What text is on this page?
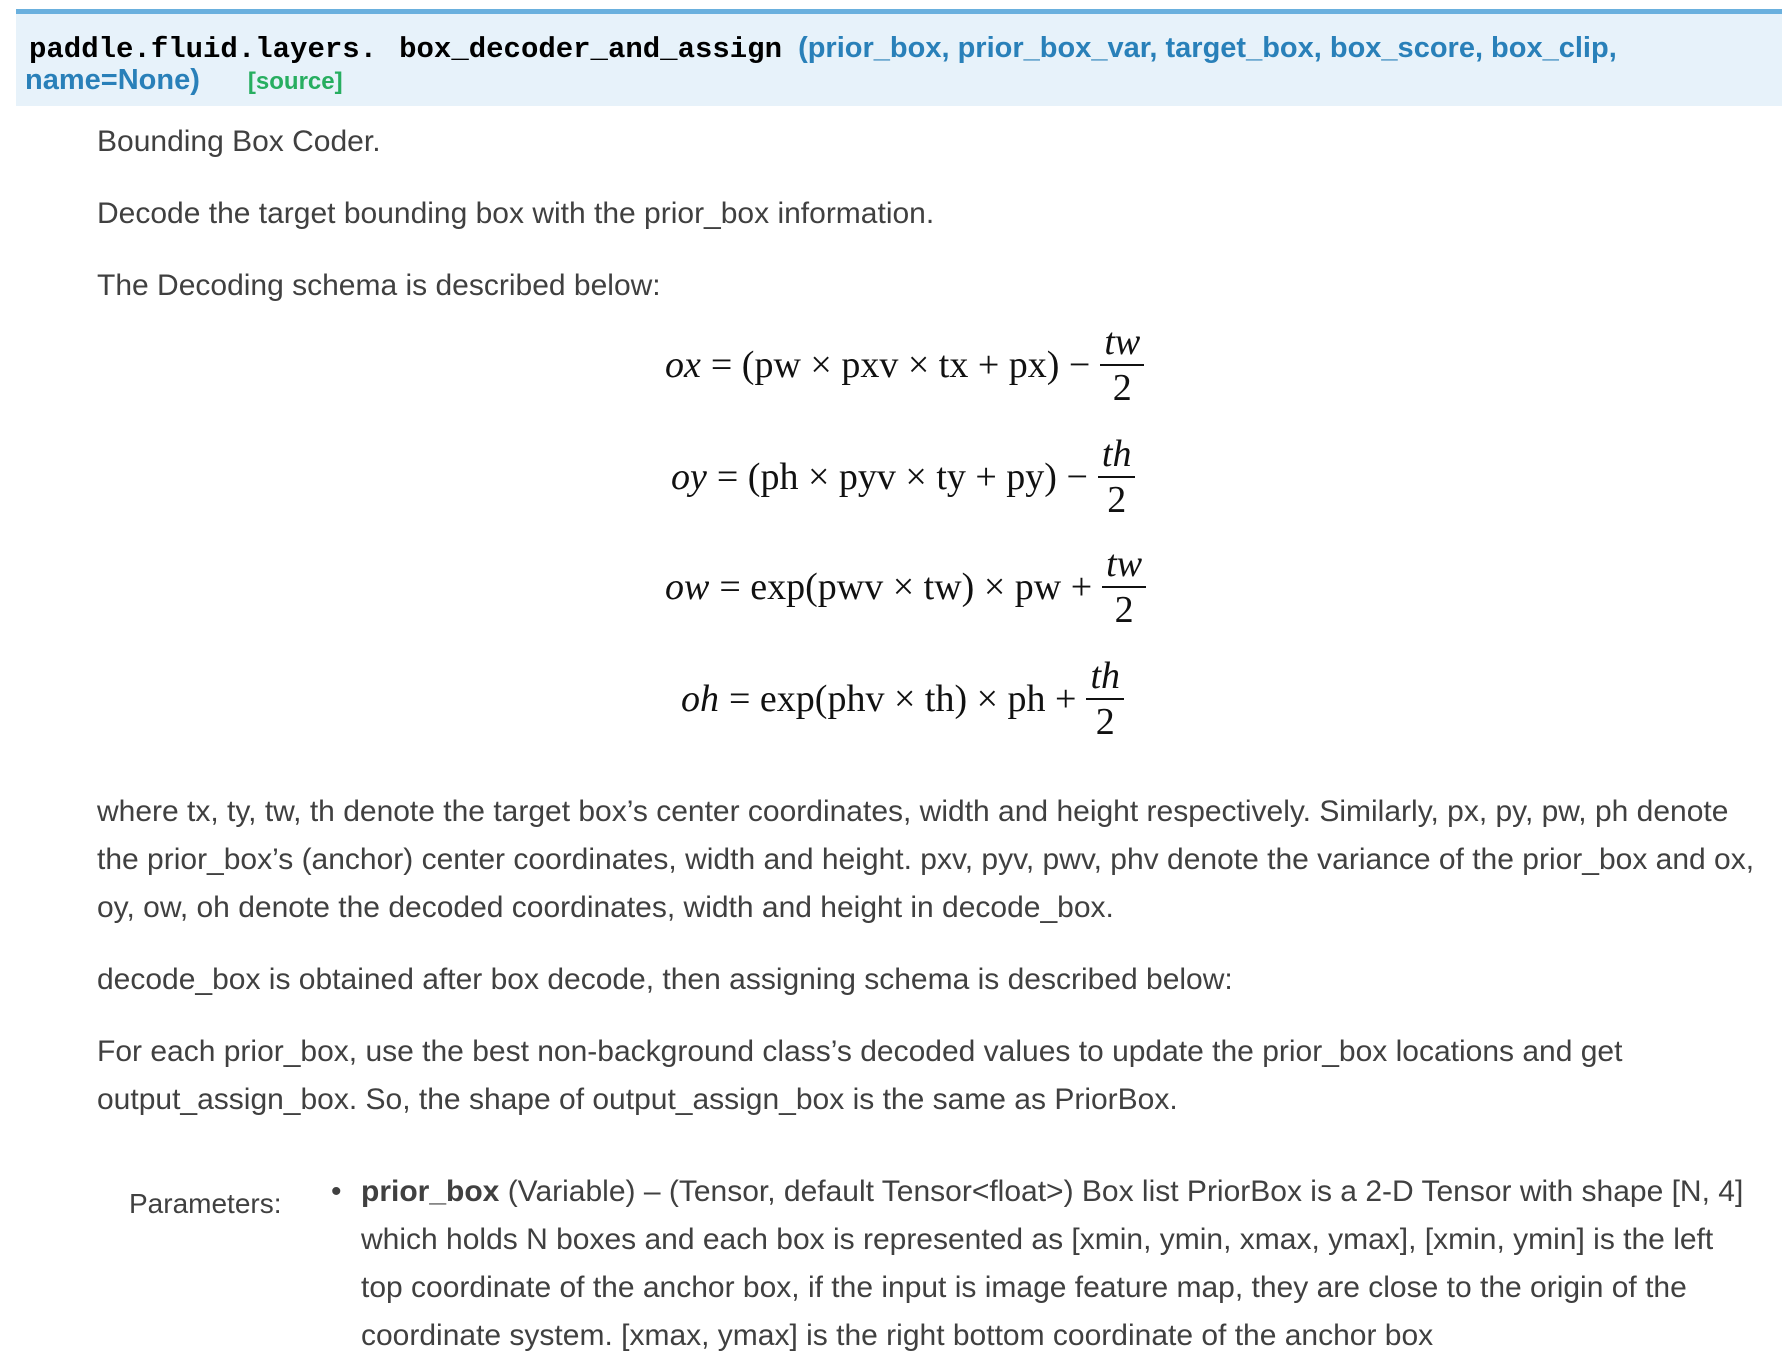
paddle.fluid.layers. box_decoder_and_assign (prior_box, prior_box_var, target_box, box_score, box_clip,
name=None) [source]

Bounding Box Coder.

Decode the target bounding box with the prior_box information.

The Decoding schema is described below:

ox = (pw × pxv × tx + $px) - \frac{tw}{2}$
oy = (ph × pyv × ty + $py) - \frac{th}{2}$
ow = exp(pwv × tw) × pw + $\frac{tw}{2}$
oh = exp(phv × th) × ph + $\frac{th}{2}$

where tx, ty, tw, th denote the target box’s center coordinates, width and height respectively. Similarly, px, py, pw, ph denote the prior_box’s (anchor) center coordinates, width and height. pxv, pyv, pwv, phv denote the variance of the prior_box and ox, oy, ow, oh denote the decoded coordinates, width and height in decode_box.

decode_box is obtained after box decode, then assigning schema is described below:

For each prior_box, use the best non-background class’s decoded values to update the prior_box locations and get output_assign_box. So, the shape of output_assign_box is the same as PriorBox.

Parameters: • prior_box (Variable) – (Tensor, default Tensor<float>) Box list PriorBox is a 2-D Tensor with shape [N, 4] which holds N boxes and each box is represented as [xmin, ymin, xmax, ymax], [xmin, ymin] is the left top coordinate of the anchor box, if the input is image feature map, they are close to the origin of the coordinate system. [xmax, ymax] is the right bottom coordinate of the anchor box
